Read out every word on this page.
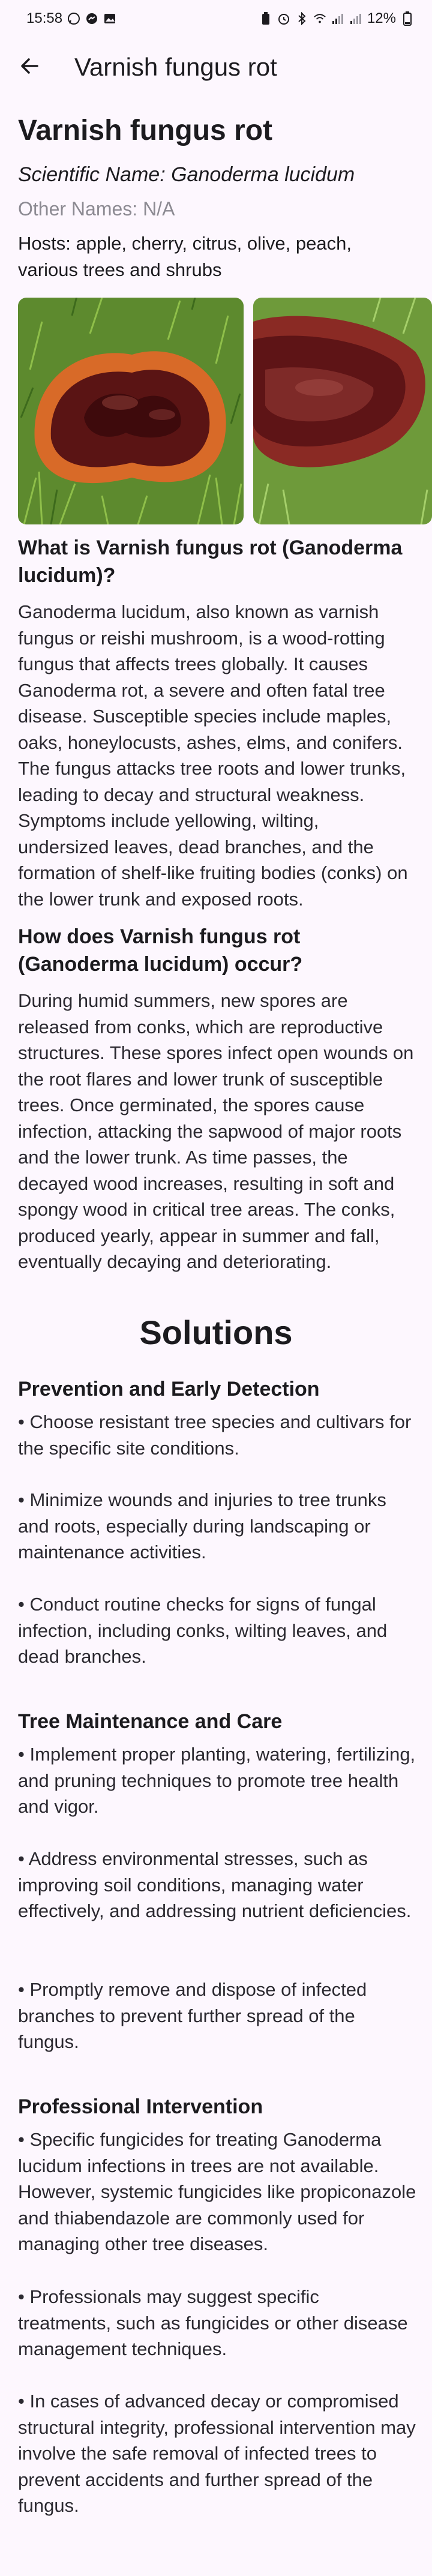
15:58	12%
Varnish fungus rot
Varnish fungus rot
Scientific Name: Ganoderma lucidum
Other Names: N/A
Hosts: apple, cherry, citrus, olive, peach, various trees and shrubs
What is Varnish fungus rot (Ganoderma lucidum)?
Ganoderma lucidum, also known as varnish fungus or reishi mushroom, is a wood-rotting fungus that affects trees globally. It causes Ganoderma rot, a severe and often fatal tree disease. Susceptible species include maples, oaks, honeylocusts, ashes, elms, and conifers. The fungus attacks tree roots and lower trunks, leading to decay and structural weakness. Symptoms include yellowing, wilting, undersized leaves, dead branches, and the formation of shelf-like fruiting bodies (conks) on the lower trunk and exposed roots.
How does Varnish fungus rot (Ganoderma lucidum) occur?
During humid summers, new spores are released from conks, which are reproductive structures. These spores infect open wounds on the root flares and lower trunk of susceptible trees. Once germinated, the spores cause infection, attacking the sapwood of major roots and the lower trunk. As time passes, the decayed wood increases, resulting in soft and spongy wood in critical tree areas. The conks, produced yearly, appear in summer and fall, eventually decaying and deteriorating.
Solutions
Prevention and Early Detection
• Choose resistant tree species and cultivars for the specific site conditions.
• Minimize wounds and injuries to tree trunks and roots, especially during landscaping or maintenance activities.
• Conduct routine checks for signs of fungal infection, including conks, wilting leaves, and dead branches.
Tree Maintenance and Care
• Implement proper planting, watering, fertilizing, and pruning techniques to promote tree health and vigor.
• Address environmental stresses, such as improving soil conditions, managing water effectively, and addressing nutrient deficiencies.
• Promptly remove and dispose of infected branches to prevent further spread of the fungus.
Professional Intervention
• Specific fungicides for treating Ganoderma lucidum infections in trees are not available. However, systemic fungicides like propiconazole and thiabendazole are commonly used for managing other tree diseases.
• Professionals may suggest specific treatments, such as fungicides or other disease management techniques.
• In cases of advanced decay or compromised structural integrity, professional intervention may involve the safe removal of infected trees to prevent accidents and further spread of the fungus.
